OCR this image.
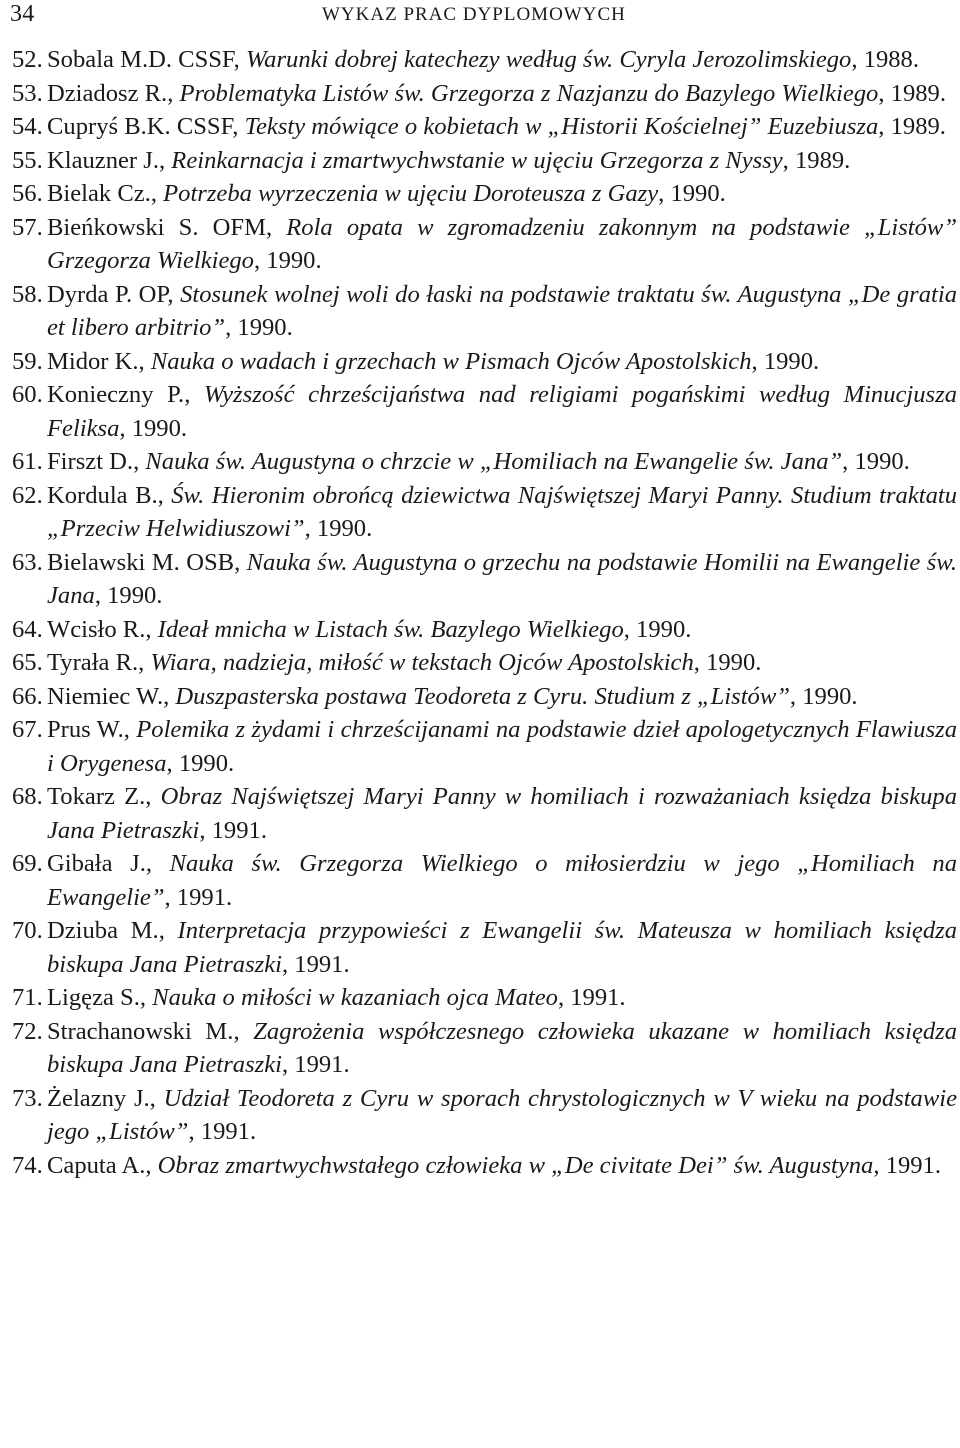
34	WYKAZ PRAC DYPLOMOWYCH

52. Sobala M.D. CSSF, Warunki dobrej katechezy według św. Cyryla Jerozolimskiego, 1988.

53. Dziadosz R., Problematyka Listów św. Grzegorza z Nazjanzu do Bazylego Wielkiego, 1989.

54. Cupryś B.K. CSSF, Teksty mówiące o kobietach w „Historii Kościelnej” Euzebiusza, 1989.

55. Klauzner J., Reinkarnacja i zmartwychwstanie w ujęciu Grzegorza z Nyssy, 1989.

56. Bielak Cz., Potrzeba wyrzeczenia w ujęciu Doroteusza z Gazy, 1990.

57. Bieńkowski S. OFM, Rola opata w zgromadzeniu zakonnym na podstawie „Listów” Grzegorza Wielkiego, 1990.

58. Dyrda P. OP, Stosunek wolnej woli do łaski na podstawie traktatu św. Augustyna „De gratia et libero arbitrio”, 1990.

59. Midor K., Nauka o wadach i grzechach w Pismach Ojców Apostolskich, 1990.

60. Konieczny P., Wyższość chrześcijaństwa nad religiami pogańskimi według Minucjusza Feliksa, 1990.

61. Firszt D., Nauka św. Augustyna o chrzcie w „Homiliach na Ewangelie św. Jana”, 1990.

62. Kordula B., Św. Hieronim obrońcą dziewictwa Najświętszej Maryi Panny. Studium traktatu „Przeciw Helwidiuszowi”, 1990.

63. Bielawski M. OSB, Nauka św. Augustyna o grzechu na podstawie Homilii na Ewangelie św. Jana, 1990.

64. Wcisło R., Ideał mnicha w Listach św. Bazylego Wielkiego, 1990.

65. Tyrała R., Wiara, nadzieja, miłość w tekstach Ojców Apostolskich, 1990.

66. Niemiec W., Duszpasterska postawa Teodoreta z Cyru. Studium z „Listów”, 1990.

67. Prus W., Polemika z żydami i chrześcijanami na podstawie dzieł apologetycznych Flawiusza i Orygenesa, 1990.

68. Tokarz Z., Obraz Najświętszej Maryi Panny w homiliach i rozważaniach księdza biskupa Jana Pietraszki, 1991.

69. Gibała J., Nauka św. Grzegorza Wielkiego o miłosierdziu w jego „Homiliach na Ewangelie”, 1991.

70. Dziuba M., Interpretacja przypowieści z Ewangelii św. Mateusza w homiliach księdza biskupa Jana Pietraszki, 1991.

71. Ligęza S., Nauka o miłości w kazaniach ojca Mateo, 1991.

72. Strachanowski M., Zagrożenia współczesnego człowieka ukazane w homiliach księdza biskupa Jana Pietraszki, 1991.

73. Żelazny J., Udział Teodoreta z Cyru w sporach chrystologicznych w V wieku na podstawie jego „Listów”, 1991.

74. Caputa A., Obraz zmartwychwstałego człowieka w „De civitate Dei” św. Augustyna, 1991.
